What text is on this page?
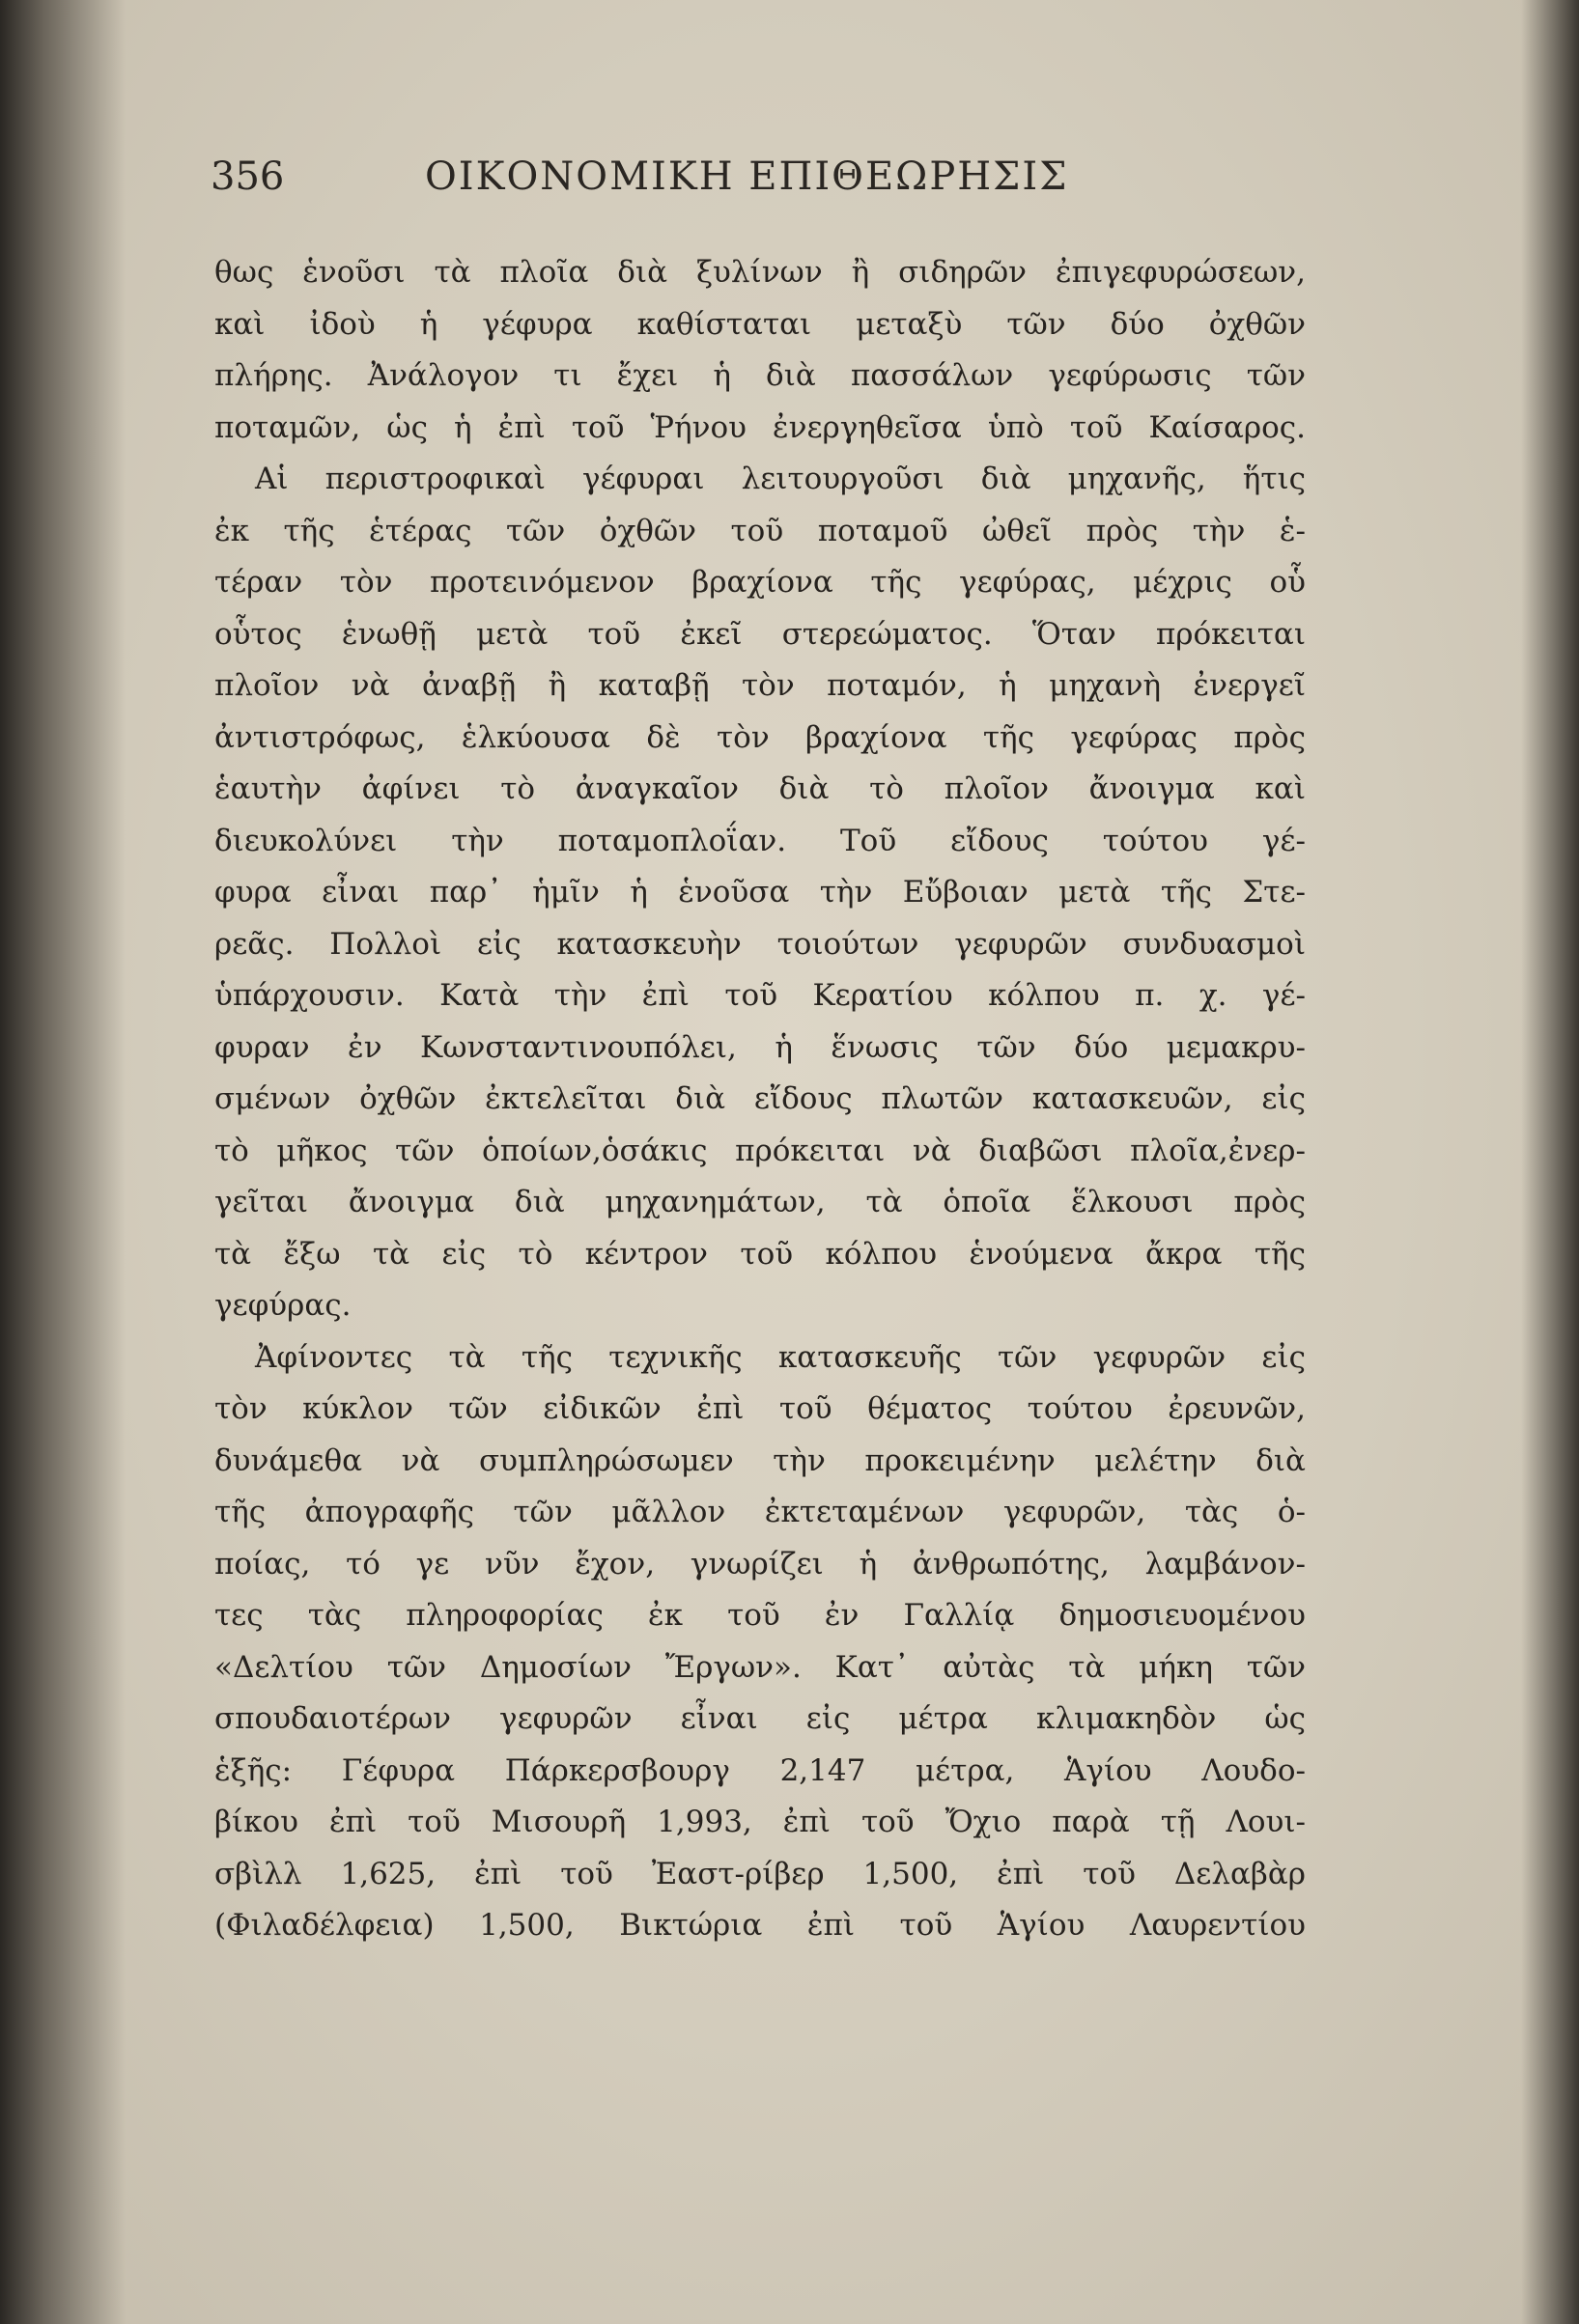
356	ΟΙΚΟΝΟΜΙΚΗ ΕΠΙΘΕΩΡΗΣΙΣ
θως ἑνοῦσι τὰ πλοῖα διὰ ξυλίνων ἢ σιδηρῶν ἐπιγεφυρώσεων,
καὶ ἰδοὺ ἡ γέφυρα καθίσταται μεταξὺ τῶν δύο ὀχθῶν
πλήρης. Ἀνάλογον τι ἔχει ἡ διὰ πασσάλων γεφύρωσις τῶν
ποταμῶν, ὡς ἡ ἐπὶ τοῦ Ῥήνου ἐνεργηθεῖσα ὑπὸ τοῦ Καίσαρος.
Αἱ περιστροφικαὶ γέφυραι λειτουργοῦσι διὰ μηχανῆς, ἥτις
ἐκ τῆς ἑτέρας τῶν ὀχθῶν τοῦ ποταμοῦ ὠθεῖ πρὸς τὴν ἑ-
τέραν τὸν προτεινόμενον βραχίονα τῆς γεφύρας, μέχρις οὗ
οὗτος ἑνωθῇ μετὰ τοῦ ἐκεῖ στερεώματος. Ὅταν πρόκειται
πλοῖον νὰ ἀναβῇ ἢ καταβῇ τὸν ποταμόν, ἡ μηχανὴ ἐνεργεῖ
ἀντιστρόφως, ἑλκύουσα δὲ τὸν βραχίονα τῆς γεφύρας πρὸς
ἑαυτὴν ἀφίνει τὸ ἀναγκαῖον διὰ τὸ πλοῖον ἄνοιγμα καὶ
διευκολύνει τὴν ποταμοπλοΐαν. Τοῦ εἴδους τούτου γέ-
φυρα εἶναι παρ᾽ ἡμῖν ἡ ἑνοῦσα τὴν Εὔβοιαν μετὰ τῆς Στε-
ρεᾶς. Πολλοὶ εἰς κατασκευὴν τοιούτων γεφυρῶν συνδυασμοὶ
ὑπάρχουσιν. Κατὰ τὴν ἐπὶ τοῦ Κερατίου κόλπου π. χ. γέ-
φυραν ἐν Κωνσταντινουπόλει, ἡ ἕνωσις τῶν δύο μεμακρυ-
σμένων ὀχθῶν ἐκτελεῖται διὰ εἴδους πλωτῶν κατασκευῶν, εἰς
τὸ μῆκος τῶν ὁποίων,ὁσάκις πρόκειται νὰ διαβῶσι πλοῖα,ἐνερ-
γεῖται ἄνοιγμα διὰ μηχανημάτων, τὰ ὁποῖα ἕλκουσι πρὸς
τὰ ἔξω τὰ εἰς τὸ κέντρον τοῦ κόλπου ἑνούμενα ἄκρα τῆς
γεφύρας.
Ἀφίνοντες τὰ τῆς τεχνικῆς κατασκευῆς τῶν γεφυρῶν εἰς
τὸν κύκλον τῶν εἰδικῶν ἐπὶ τοῦ θέματος τούτου ἐρευνῶν,
δυνάμεθα νὰ συμπληρώσωμεν τὴν προκειμένην μελέτην διὰ
τῆς ἀπογραφῆς τῶν μᾶλλον ἐκτεταμένων γεφυρῶν, τὰς ὁ-
ποίας, τό γε νῦν ἔχον, γνωρίζει ἡ ἀνθρωπότης, λαμβάνον-
τες τὰς πληροφορίας ἐκ τοῦ ἐν Γαλλίᾳ δημοσιευομένου
«Δελτίου τῶν Δημοσίων Ἔργων». Κατ᾽ αὐτὰς τὰ μήκη τῶν
σπουδαιοτέρων γεφυρῶν εἶναι εἰς μέτρα κλιμακηδὸν ὡς
ἑξῆς: Γέφυρα Πάρκερσβουργ 2,147 μέτρα, Ἁγίου Λουδο-
βίκου ἐπὶ τοῦ Μισουρῆ 1,993, ἐπὶ τοῦ Ὄχιο παρὰ τῇ Λουι-
σβὶλλ 1,625, ἐπὶ τοῦ Ἐαστ-ρίβερ 1,500, ἐπὶ τοῦ Δελαβὰρ
(Φιλαδέλφεια) 1,500, Βικτώρια ἐπὶ τοῦ Ἁγίου Λαυρεντίου
